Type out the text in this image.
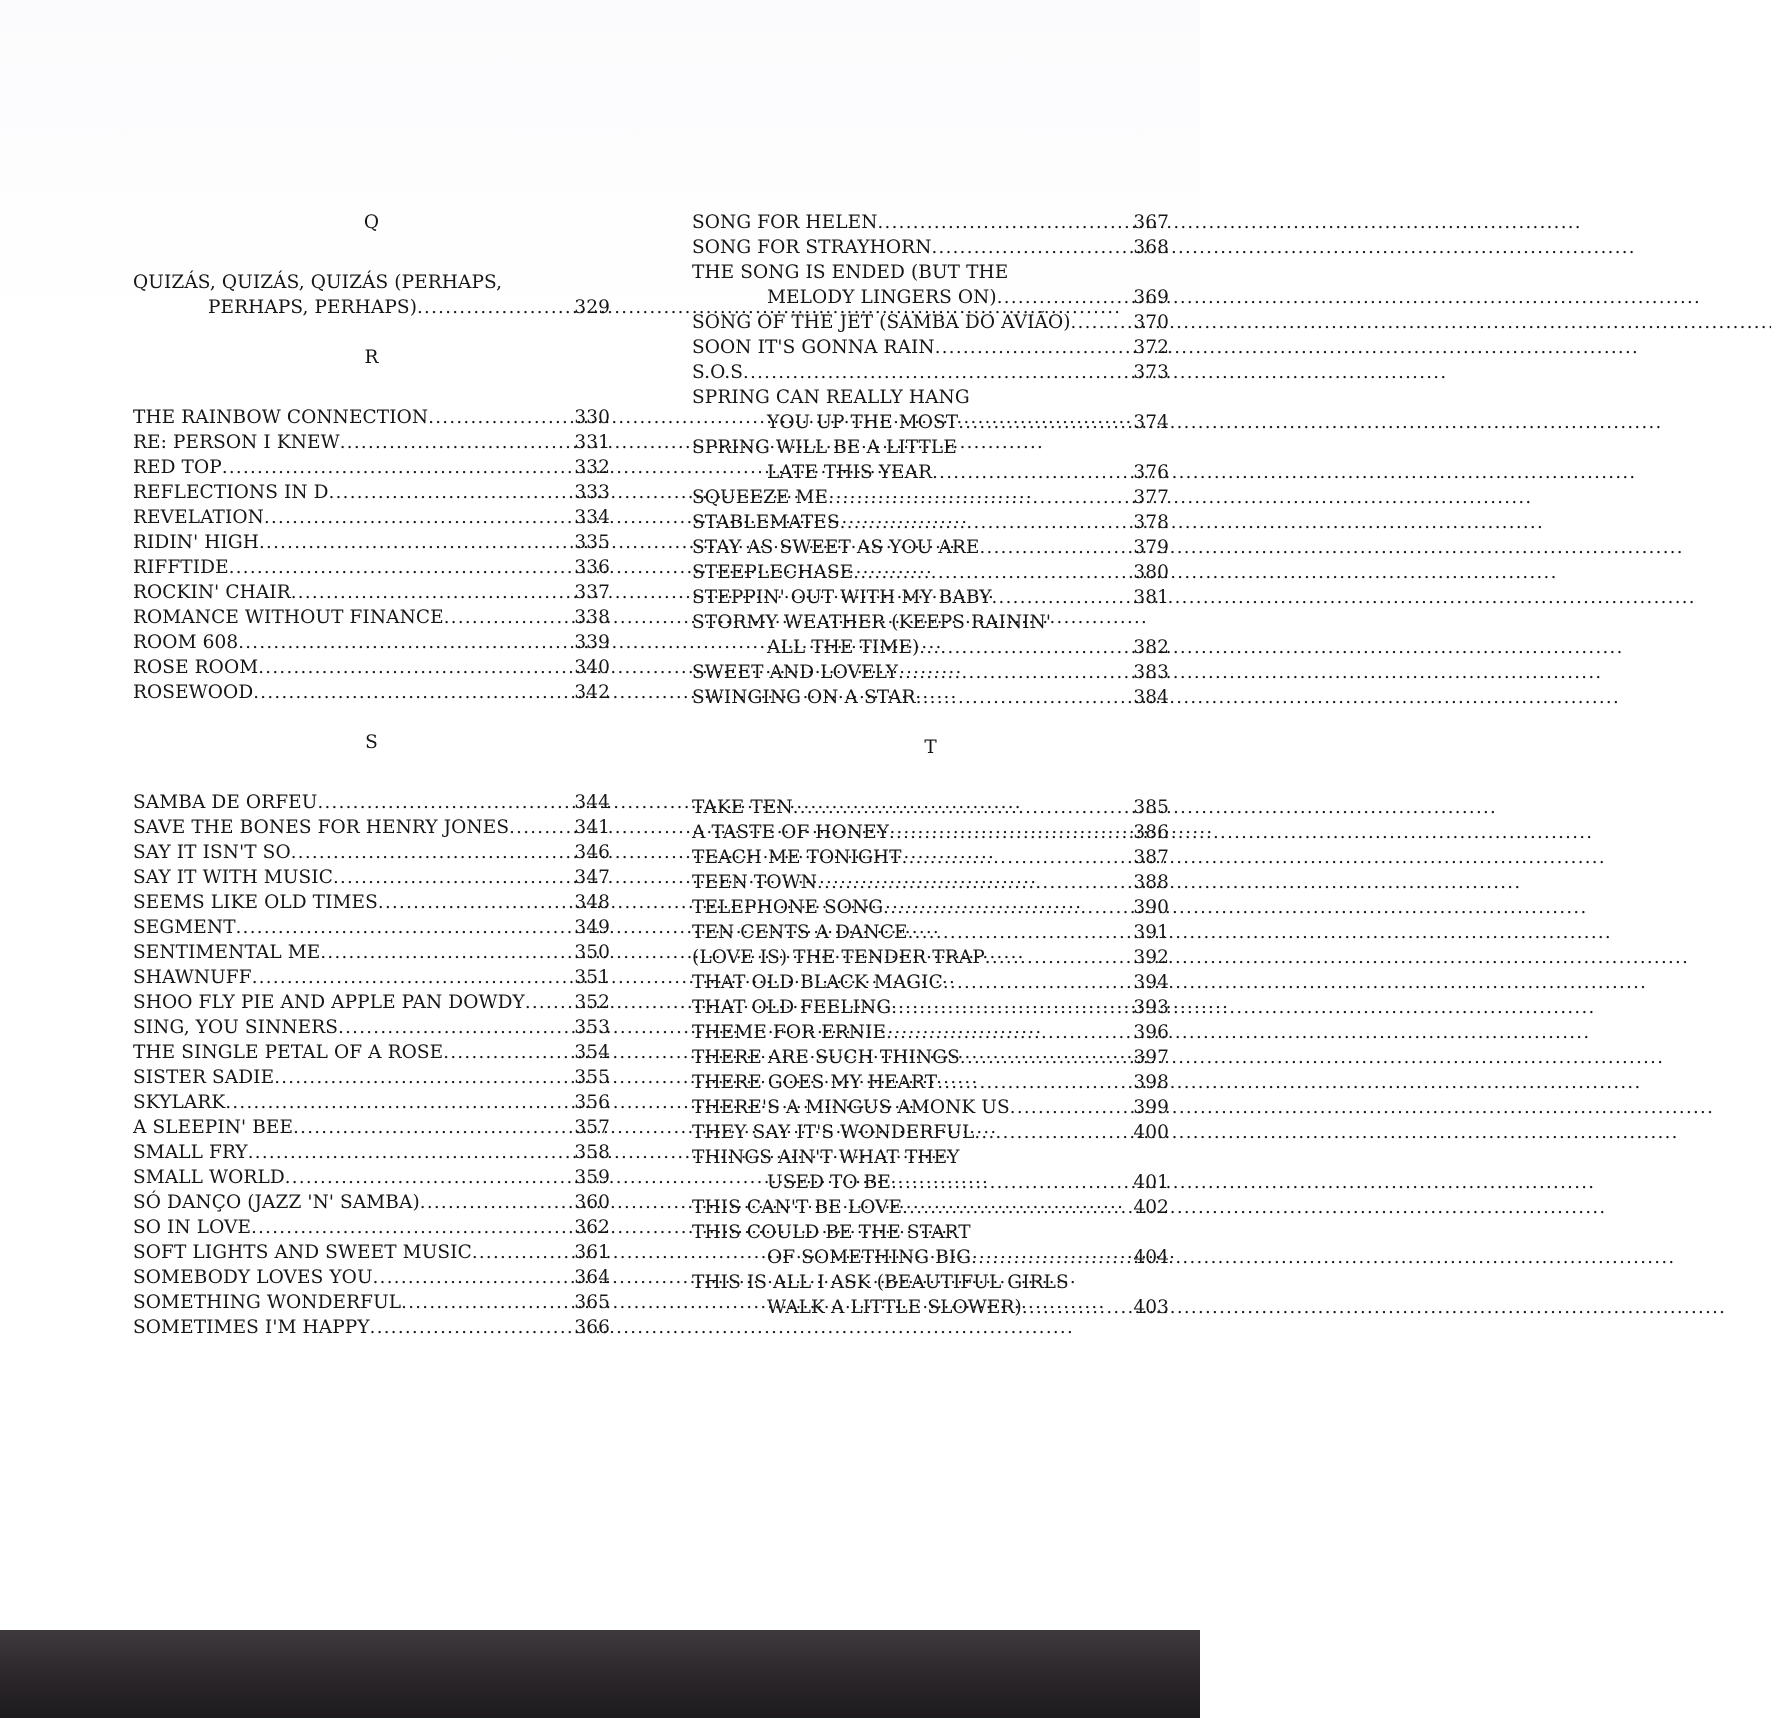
Q
QUIZÁS, QUIZÁS, QUIZÁS (PERHAPS,
PERHAPS, PERHAPS) . . .	329
R
THE RAINBOW CONNECTION . . .	330
RE: PERSON I KNEW . . .	331
RED TOP . . .	332
REFLECTIONS IN D . . .	333
REVELATION . . .	334
RIDIN' HIGH . . .	335
RIFFTIDE . . .	336
ROCKIN' CHAIR . . .	337
ROMANCE WITHOUT FINANCE . . .	338
ROOM 608 . . .	339
ROSE ROOM . . .	340
ROSEWOOD . . .	342
S
SAMBA DE ORFEU . . .	344
SAVE THE BONES FOR HENRY JONES . . .	341
SAY IT ISN'T SO . . .	346
SAY IT WITH MUSIC . . .	347
SEEMS LIKE OLD TIMES . . .	348
SEGMENT . . .	349
SENTIMENTAL ME . . .	350
SHAWNUFF . . .	351
SHOO FLY PIE AND APPLE PAN DOWDY . . .	352
SING, YOU SINNERS . . .	353
THE SINGLE PETAL OF A ROSE . . .	354
SISTER SADIE . . .	355
SKYLARK . . .	356
A SLEEPIN' BEE . . .	357
SMALL FRY . . .	358
SMALL WORLD . . .	359
SÓ DANÇO (JAZZ 'N' SAMBA) . . .	360
SO IN LOVE . . .	362
SOFT LIGHTS AND SWEET MUSIC . . .	361
SOMEBODY LOVES YOU . . .	364
SOMETHING WONDERFUL . . .	365
SOMETIMES I'M HAPPY . . .	366
SONG FOR HELEN . . .	367
SONG FOR STRAYHORN . . .	368
THE SONG IS ENDED (BUT THE
MELODY LINGERS ON) . . .	369
SONG OF THE JET (SAMBA DO AVIÃO) . . .	370
SOON IT'S GONNA RAIN . . .	372
S.O.S . . .	373
SPRING CAN REALLY HANG
YOU UP THE MOST . . .	374
SPRING WILL BE A LITTLE
LATE THIS YEAR . . .	376
SQUEEZE ME . . .	377
STABLEMATES . . .	378
STAY AS SWEET AS YOU ARE . . .	379
STEEPLECHASE . . .	380
STEPPIN' OUT WITH MY BABY . . .	381
STORMY WEATHER (KEEPS RAININ'
ALL THE TIME) . . .	382
SWEET AND LOVELY . . .	383
SWINGING ON A STAR . . .	384
T
TAKE TEN . . .	385
A TASTE OF HONEY . . .	386
TEACH ME TONIGHT . . .	387
TEEN TOWN . . .	388
TELEPHONE SONG . . .	390
TEN CENTS A DANCE . . .	391
(LOVE IS) THE TENDER TRAP . . .	392
THAT OLD BLACK MAGIC . . .	394
THAT OLD FEELING . . .	393
THEME FOR ERNIE . . .	396
THERE ARE SUCH THINGS . . .	397
THERE GOES MY HEART . . .	398
THERE'S A MINGUS AMONK US . . .	399
THEY SAY IT'S WONDERFUL . . .	400
THINGS AIN'T WHAT THEY
USED TO BE . . .	401
THIS CAN'T BE LOVE . . .	402
THIS COULD BE THE START
OF SOMETHING BIG . . .	404
THIS IS ALL I ASK (BEAUTIFUL GIRLS
WALK A LITTLE SLOWER) . . .	403
